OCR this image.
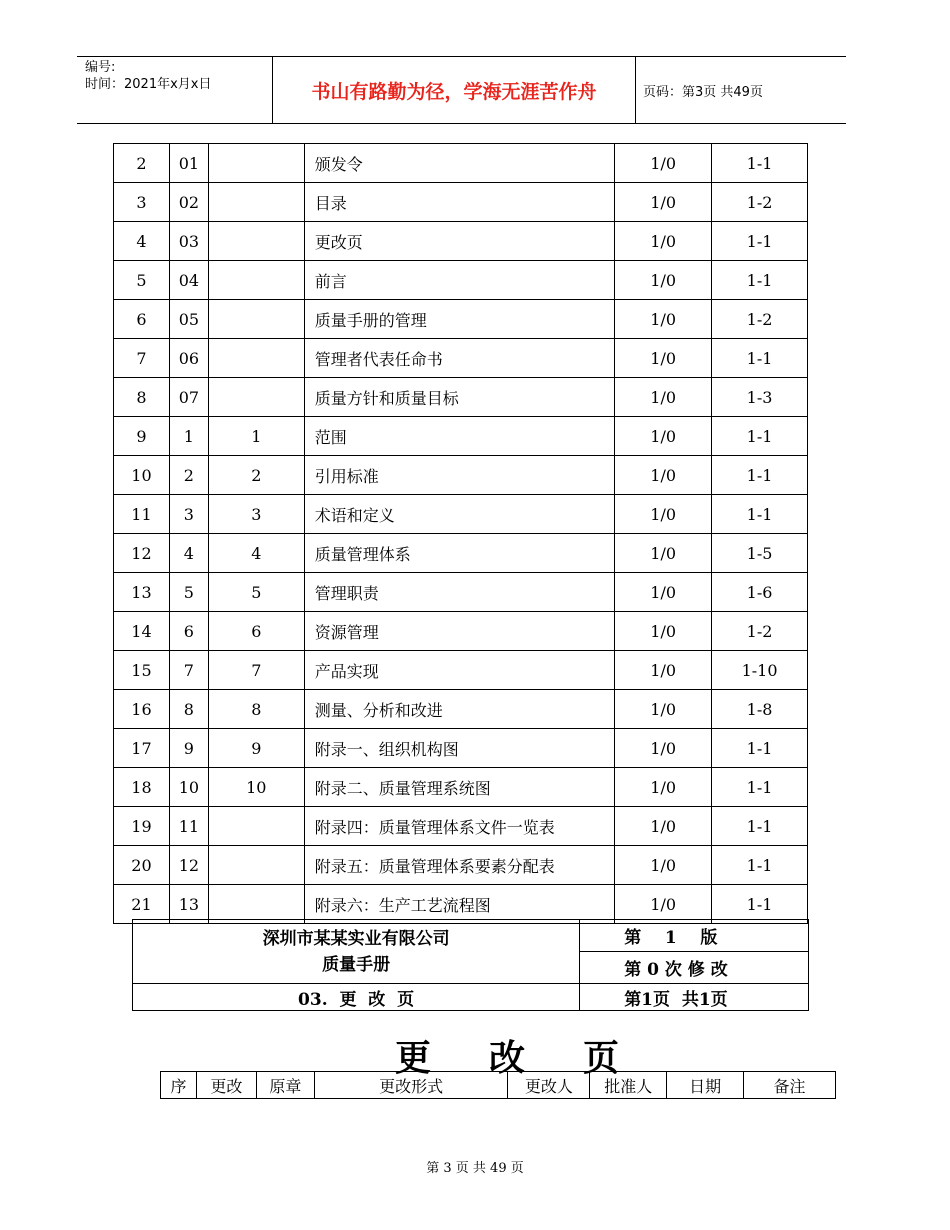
编号:
时间：2021年x月x日	书山有路勤为径，学海无涯苦作舟	页码：第3页 共49页
2	01		颁发令	1/0	1-1
3	02		目录	1/0	1-2
4	03		更改页	1/0	1-1
5	04		前言	1/0	1-1
6	05		质量手册的管理	1/0	1-2
7	06		管理者代表任命书	1/0	1-1
8	07		质量方针和质量目标	1/0	1-3
9	1	1	范围	1/0	1-1
10	2	2	引用标准	1/0	1-1
11	3	3	术语和定义	1/0	1-1
12	4	4	质量管理体系	1/0	1-5
13	5	5	管理职责	1/0	1-6
14	6	6	资源管理	1/0	1-2
15	7	7	产品实现	1/0	1-10
16	8	8	测量、分析和改进	1/0	1-8
17	9	9	附录一、组织机构图	1/0	1-1
18	10	10	附录二、质量管理系统图	1/0	1-1
19	11		附录四：质量管理体系文件一览表	1/0	1-1
20	12		附录五：质量管理体系要素分配表	1/0	1-1
21	13		附录六：生产工艺流程图	1/0	1-1
深圳市某某实业有限公司
质量手册	第    1    版
	第 0 次 修 改
03.  更  改  页	第1页  共1页
更 改 页
序	更改	原章	更改形式	更改人	批准人	日期	备注
第 3 页 共 49 页
